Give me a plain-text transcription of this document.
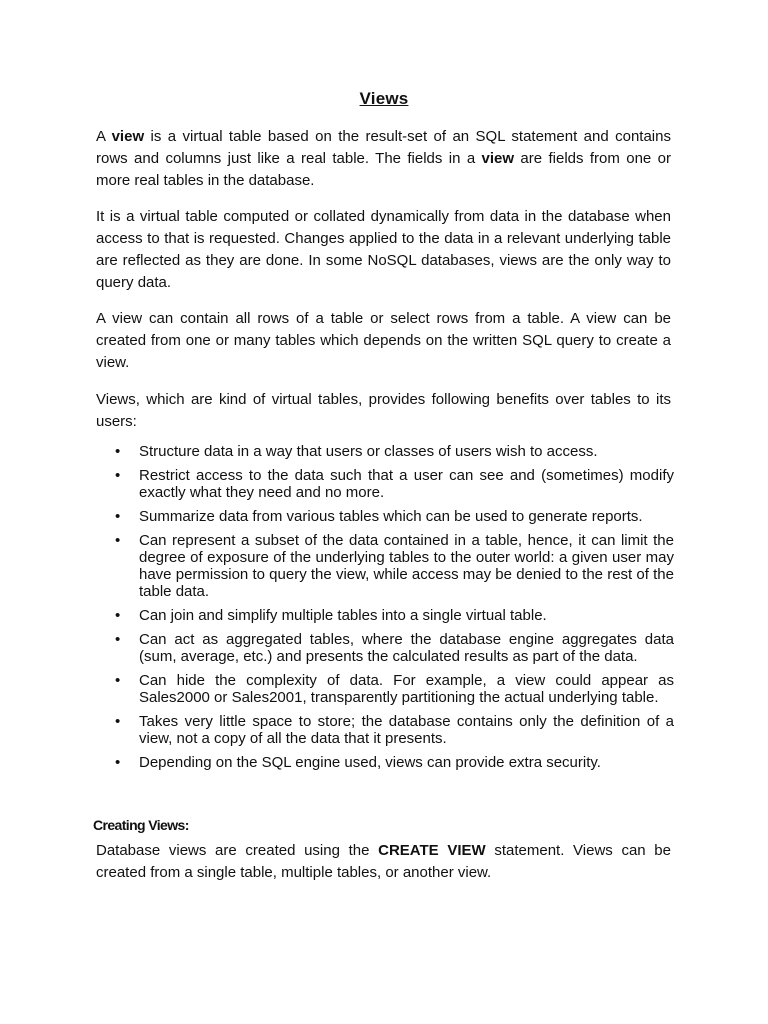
Views

A view is a virtual table based on the result-set of an SQL statement and contains rows and columns just like a real table. The fields in a view are fields from one or more real tables in the database.

It is a virtual table computed or collated dynamically from data in the database when access to that is requested. Changes applied to the data in a relevant underlying table are reflected as they are done. In some NoSQL databases, views are the only way to query data.

A view can contain all rows of a table or select rows from a table. A view can be created from one or many tables which depends on the written SQL query to create a view.

Views, which are kind of virtual tables, provides following benefits over tables to its users:

• Structure data in a way that users or classes of users wish to access.
• Restrict access to the data such that a user can see and (sometimes) modify exactly what they need and no more.
• Summarize data from various tables which can be used to generate reports.
• Can represent a subset of the data contained in a table, hence, it can limit the degree of exposure of the underlying tables to the outer world: a given user may have permission to query the view, while access may be denied to the rest of the table data.
• Can join and simplify multiple tables into a single virtual table.
• Can act as aggregated tables, where the database engine aggregates data (sum, average, etc.) and presents the calculated results as part of the data.
• Can hide the complexity of data. For example, a view could appear as Sales2000 or Sales2001, transparently partitioning the actual underlying table.
• Takes very little space to store; the database contains only the definition of a view, not a copy of all the data that it presents.
• Depending on the SQL engine used, views can provide extra security.
Creating Views:

Database views are created using the CREATE VIEW statement. Views can be created from a single table, multiple tables, or another view.
